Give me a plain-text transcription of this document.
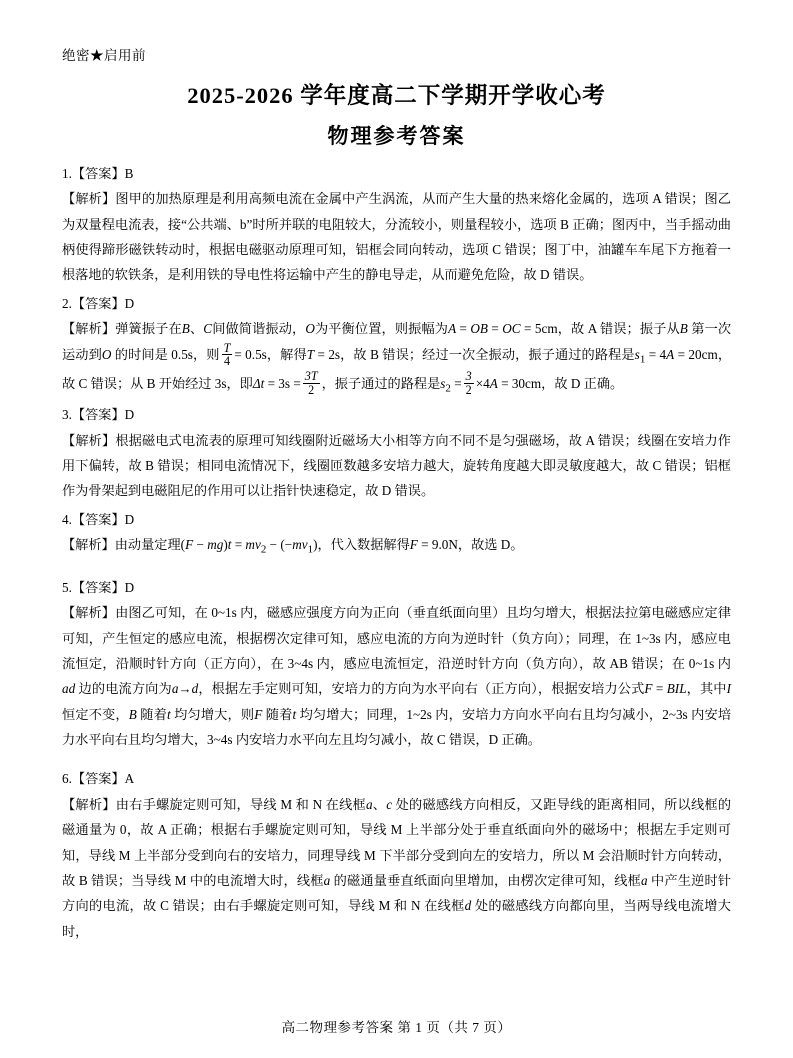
绝密★启用前
2025-2026 学年度高二下学期开学收心考
物理参考答案
1.【答案】B
【解析】图甲的加热原理是利用高频电流在金属中产生涡流，从而产生大量的热来熔化金属的，选项 A 错误；图乙为双量程电流表，接“公共端、b”时所并联的电阻较大，分流较小，则量程较小，选项 B 正确；图丙中，当手摇动曲柄使得蹄形磁铁转动时，根据电磁驱动原理可知，铝框会同向转动，选项 C 错误；图丁中，油罐车车尾下方拖着一根落地的软铁条，是利用铁的导电性将运输中产生的静电导走，从而避免危险，故 D 错误。
2.【答案】D
【解析】弹簧振子在B、C间做简谐振动，O为平衡位置，则振幅为A = OB = OC = 5cm，故 A 错误；振子从B 第一次运动到O 的时间是 0.5s，则 $\frac{T}{4} = 0.5s$，解得T = 2s，故 B 错误；经过一次全振动，振子通过的路程是$s_1 = 4A = 20cm$，故 C 错误；从 B 开始经过 3s，即$\Delta t = 3s = \frac{3T}{2}$ ，振子通过的路程是$s_2 = \frac{3}{2} \times 4A = 30cm$，故 D 正确。
3.【答案】D
【解析】根据磁电式电流表的原理可知线圈附近磁场大小相等方向不同不是匀强磁场，故 A 错误；线圈在安培力作用下偏转，故 B 错误；相同电流情况下，线圈匝数越多安培力越大，旋转角度越大即灵敏度越大，故 C 错误；铝框作为骨架起到电磁阻尼的作用可以让指针快速稳定，故 D 错误。
4.【答案】D
【解析】由动量定理$(F - mg)t = mv_2 - (-mv_1)$，代入数据解得F = 9.0N，故选 D。
5.【答案】D
【解析】由图乙可知，在 0~1s 内，磁感应强度方向为正向（垂直纸面向里）且均匀增大，根据法拉第电磁感应定律可知，产生恒定的感应电流，根据楞次定律可知，感应电流的方向为逆时针（负方向）；同理，在 1~3s 内，感应电流恒定，沿顺时针方向（正方向），在 3~4s 内，感应电流恒定，沿逆时针方向（负方向），故 AB 错误；在 0~1s 内ad 边的电流方向为a→d，根据左手定则可知，安培力的方向为水平向右（正方向），根据安培力公式F = BIL，其中I 恒定不变，B 随着t 均匀增大，则F 随着t 均匀增大；同理，1~2s 内，安培力方向水平向右且均匀减小，2~3s 内安培力水平向右且均匀增大，3~4s 内安培力水平向左且均匀减小，故 C 错误，D 正确。
6.【答案】A
【解析】由右手螺旋定则可知，导线 M 和 N 在线框a、c 处的磁感线方向相反，又距导线的距离相同，所以线框的磁通量为 0，故 A 正确；根据右手螺旋定则可知，导线 M 上半部分处于垂直纸面向外的磁场中；根据左手定则可知，导线 M 上半部分受到向右的安培力，同理导线 M 下半部分受到向左的安培力，所以 M 会沿顺时针方向转动，故 B 错误；当导线 M 中的电流增大时，线框a 的磁通量垂直纸面向里增加，由楞次定律可知，线框a 中产生逆时针方向的电流，故 C 错误；由右手螺旋定则可知，导线 M 和 N 在线框d 处的磁感线方向都向里，当两导线电流增大时，
高二物理参考答案 第 1 页（共 7 页）
